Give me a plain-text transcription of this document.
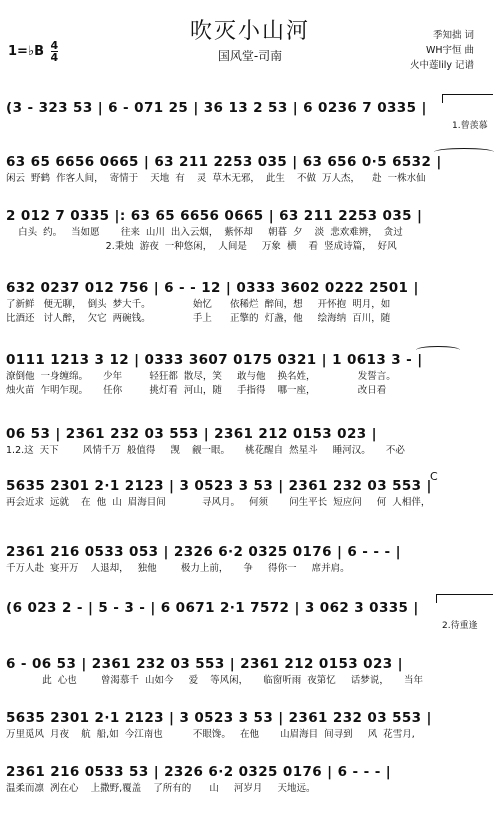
吹灭小山河
国风堂-司南
季知拙 词
WH宇恒 曲
火中莲lily 记谱
1=♭B $\frac{4}{4}$
(3 - 323 53 | 6 - 071 25 | 36 13 2 53 | 6 0236 7 0335 |
1.曾羡慕
63 65 6656 0665 | 63 211 2253 035 | 63 656 0·5 6532 |
闲云  野鹤  作客人间，  寄情于    天地  有    灵  草木无邪，  此生    不做  万人杰，    赴  一株水仙
2 012 7 0335 |: 63 65 6656 0665 | 63 211 2253 035 |
白头  约。   当如愿       往来  山川  出入云烟，  紫怀却     朝暮  夕    淡  悲欢难辨，  贪过
2.秉烛  游夜  一种悠闲，  人间是     万象  横    看  竖成诗篇，  好风
632 0237 012 756 | 6 - - 12 | 0333 3602 0222 2501 |
了新鲜   便无聊，  倒头  梦大千。              始忆      依稀烂  醉间，想     开怀抱  明月，如
比酒还   讨人醉，  欠它  两碗钱。              手上      正擎的  灯盏，他     绘海纳  百川，随
0111 1213 3 12 | 0333 3607 0175 0321 | 1 0613 3 - |
潦倒他  一身缠绵。     少年         轻狂都  散尽，笑     敢与他    换名姓，              发誓言。
烛火苗  乍明乍现。     任你         挑灯看  河山，随     手指得    哪一座，              改日看
06 53 | 2361 232 03 553 | 2361 212 0153 023 |
1.2.这  天下        风情千万  般值得     觊    觎一眼。     桃花醒自  然星斗     睡河汉。     不必
5635 2301 2·1 2123 | 3 0523 3 53 | 2361 232 03 553 |
再会近求  远就    在  他  山  眉海目间            寻风月。   何须       问生平长  短应问     何  人相伴，
C
2361 216 0533 053 | 2326 6·2 0325 0176 | 6 - - - |
千万人赴  宴开万    人退却，   独他        极力上前，     争     得你一     席并肩。
(6 023 2 - | 5 - 3 - | 6 0671 2·1 7572 | 3 062 3 0335 |
2.待重逢
6 - 06 53 | 2361 232 03 553 | 2361 212 0153 023 |
此  心也        曾渴慕千  山如今     爱    等风闲，     临窗听雨  夜第忆     话梦说，     当年
5635 2301 2·1 2123 | 3 0523 3 53 | 2361 232 03 553 |
万里觅风  月夜    航  船,如  今江南也          不眼馋。   在他       山眉海目  间寻到     风  花雪月,
2361 216 0533 53 | 2326 6·2 0325 0176 | 6 - - - |
温柔而凛  冽在心    上撒野,覆盖    了所有的      山     河岁月     天地远。
